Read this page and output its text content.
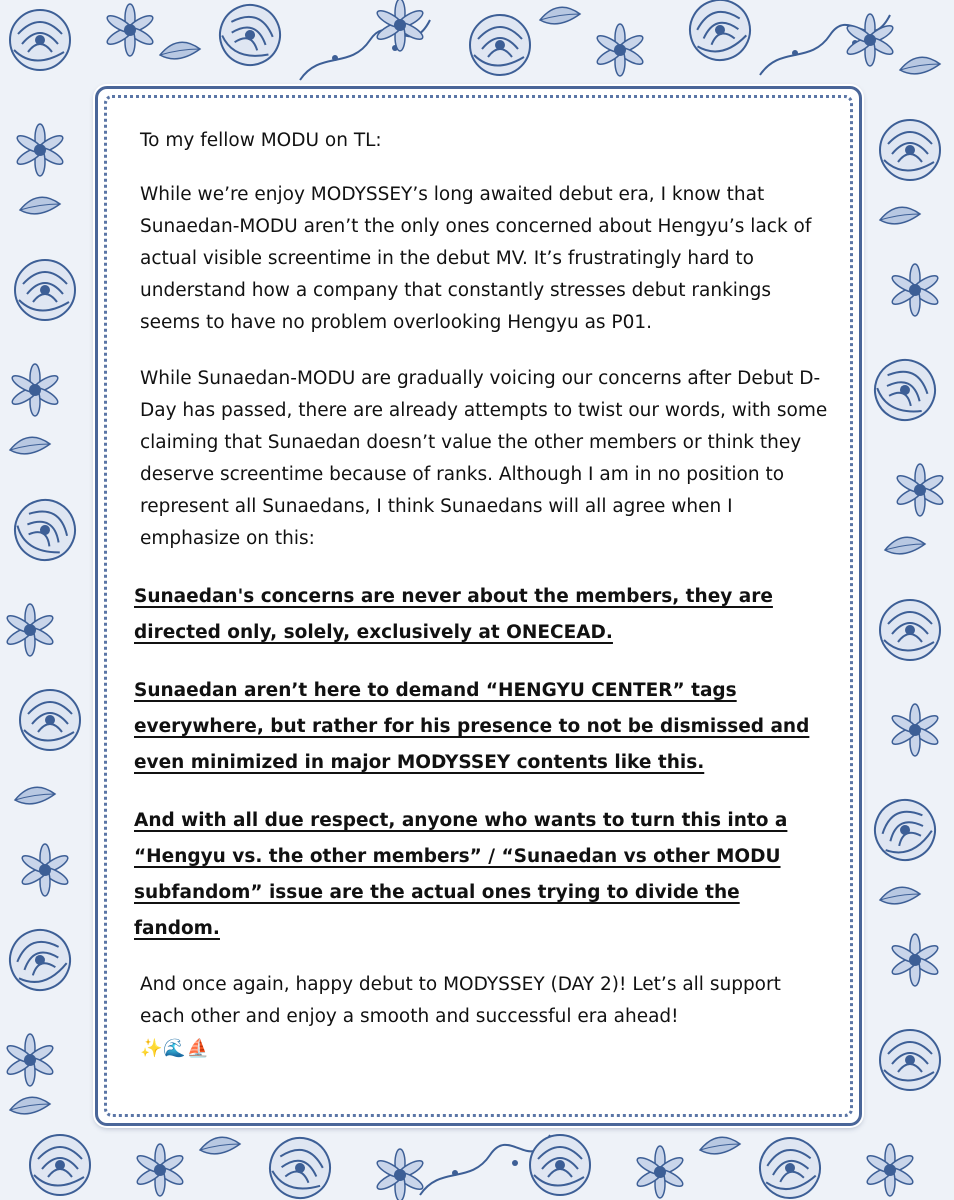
To my fellow MODU on TL:

While we’re enjoy MODYSSEY’s long awaited debut era, I know that Sunaedan-MODU aren’t the only ones concerned about Hengyu’s lack of actual visible screentime in the debut MV. It’s frustratingly hard to understand how a company that constantly stresses debut rankings seems to have no problem overlooking Hengyu as P01.

While Sunaedan-MODU are gradually voicing our concerns after Debut D-Day has passed, there are already attempts to twist our words, with some claiming that Sunaedan doesn’t value the other members or think they deserve screentime because of ranks. Although I am in no position to represent all Sunaedans, I think Sunaedans will all agree when I emphasize on this:

Sunaedan's concerns are never about the members, they are directed only, solely, exclusively at ONECEAD.

Sunaedan aren’t here to demand “HENGYU CENTER” tags everywhere, but rather for his presence to not be dismissed and even minimized in major MODYSSEY contents like this.

And with all due respect, anyone who wants to turn this into a “Hengyu vs. the other members” / “Sunaedan vs other MODU subfandom” issue are the actual ones trying to divide the fandom.

And once again, happy debut to MODYSSEY (DAY 2)! Let’s all support each other and enjoy a smooth and successful era ahead!
✨🌊⛵
